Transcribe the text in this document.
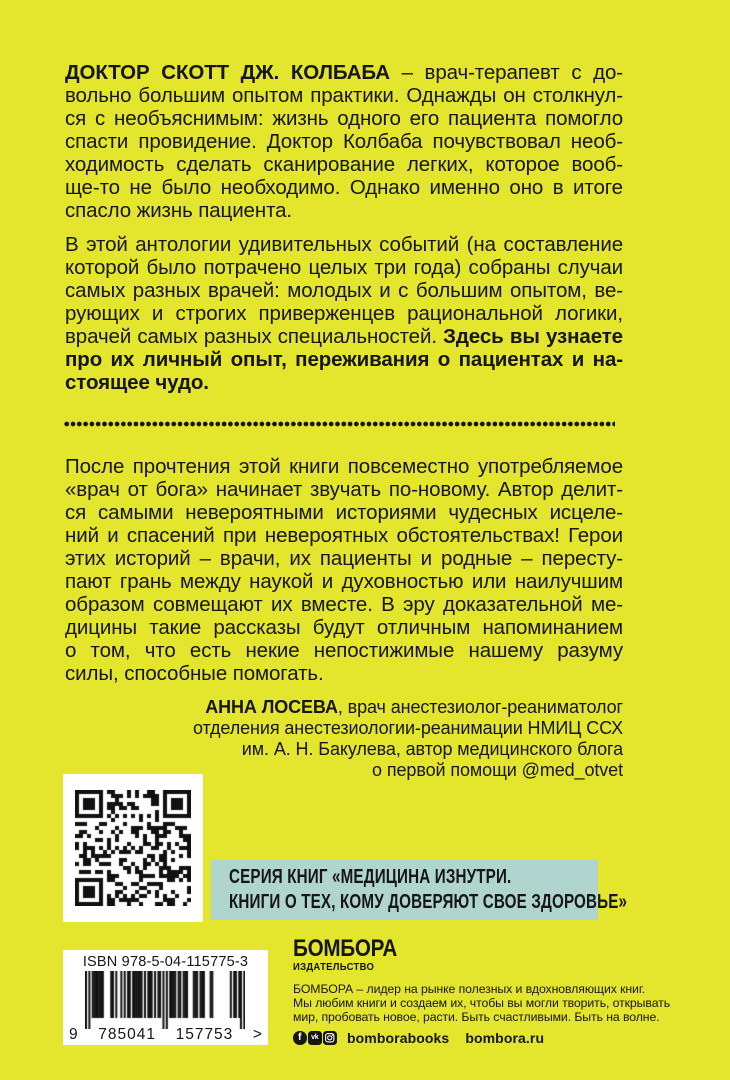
ДОКТОР СКОТТ ДЖ. КОЛБАБА – врач-терапевт с до-
вольно большим опытом практики. Однажды он столкнул-
ся с необъяснимым: жизнь одного его пациента помогло
спасти провидение. Доктор Колбаба почувствовал необ-
ходимость сделать сканирование легких, которое вооб-
ще-то не было необходимо. Однако именно оно в итоге
спасло жизнь пациента.
В этой антологии удивительных событий (на составление
которой было потрачено целых три года) собраны случаи
самых разных врачей: молодых и с большим опытом, ве-
рующих и строгих приверженцев рациональной логики,
врачей самых разных специальностей. Здесь вы узнаете
про их личный опыт, переживания о пациентах и на-
стоящее чудо.
После прочтения этой книги повсеместно употребляемое
«врач от бога» начинает звучать по-новому. Автор делит-
ся самыми невероятными историями чудесных исцеле-
ний и спасений при невероятных обстоятельствах! Герои
этих историй – врачи, их пациенты и родные – пересту-
пают грань между наукой и духовностью или наилучшим
образом совмещают их вместе. В эру доказательной ме-
дицины такие рассказы будут отличным напоминанием
о том, что есть некие непостижимые нашему разуму
силы, способные помогать.
АННА ЛОСЕВА, врач анестезиолог-реаниматолог
отделения анестезиологии-реанимации НМИЦ ССХ
им. А. Н. Бакулева, автор медицинского блога
о первой помощи @med_otvet
СЕРИЯ КНИГ «МЕДИЦИНА ИЗНУТРИ.
КНИГИ О ТЕХ, КОМУ ДОВЕРЯЮТ СВОЕ ЗДОРОВЬЕ»
ISBN 978-5-04-115775-3
9 785041 157753 >
БОМБОРА
ИЗДАТЕЛЬСТВО
БОМБОРА – лидер на рынке полезных и вдохновляющих книг.
Мы любим книги и создаем их, чтобы вы могли творить, открывать
мир, пробовать новое, расти. Быть счастливыми. Быть на волне.
f	vk bomborabooks bombora.ru
